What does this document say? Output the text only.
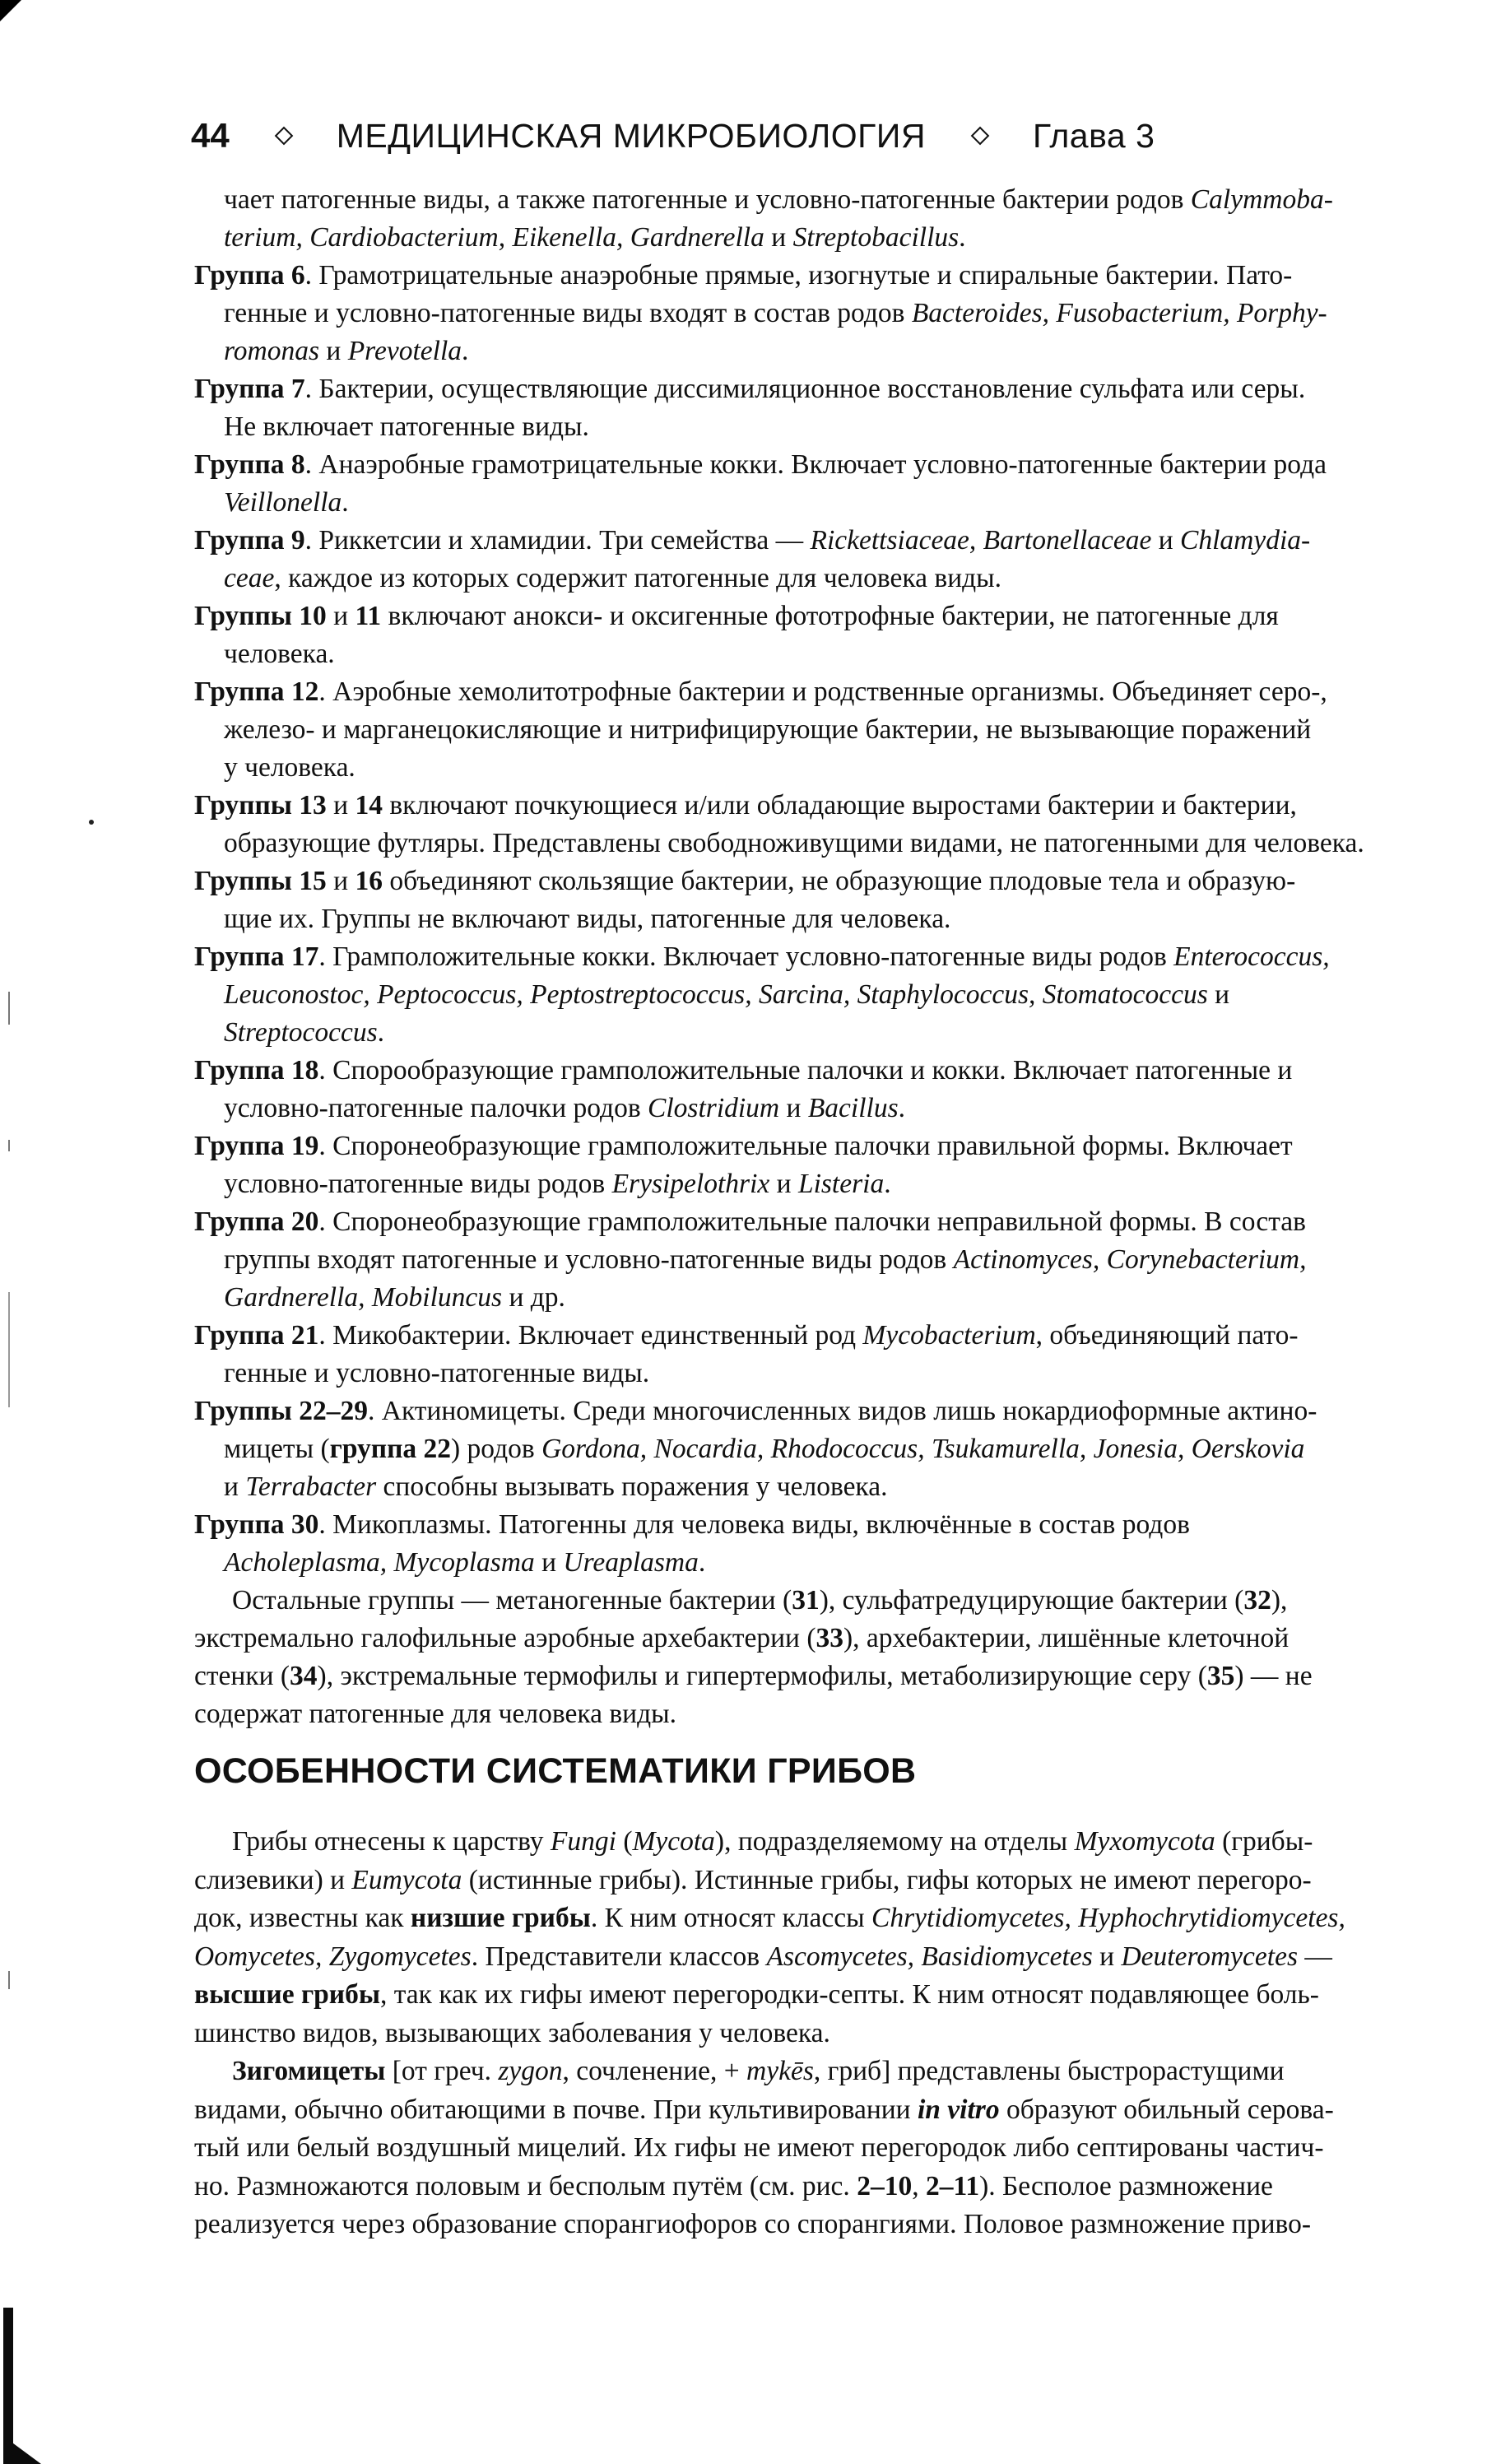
44	МЕДИЦИНСКАЯ МИКРОБИОЛОГИЯ	Глава 3

чает патогенные виды, а также патогенные и условно-патогенные бактерии родов Calymmoba-

terium, Cardiobacterium, Eikenella, Gardnerella и Streptobacillus.

Группа 6. Грамотрицательные анаэробные прямые, изогнутые и спиральные бактерии. Пато-

генные и условно-патогенные виды входят в состав родов Bacteroides, Fusobacterium, Porphy-

romonas и Prevotella.

Группа 7. Бактерии, осуществляющие диссимиляционное восстановление сульфата или серы.

Не включает патогенные виды.

Группа 8. Анаэробные грамотрицательные кокки. Включает условно-патогенные бактерии рода

Veillonella.

Группа 9. Риккетсии и хламидии. Три семейства — Rickettsiaceae, Bartonellaceae и Chlamydia-

ceae, каждое из которых содержит патогенные для человека виды.

Группы 10 и 11 включают анокси- и оксигенные фототрофные бактерии, не патогенные для

человека.

Группа 12. Аэробные хемолитотрофные бактерии и родственные организмы. Объединяет серо-,

железо- и марганецокисляющие и нитрифицирующие бактерии, не вызывающие поражений

у человека.

Группы 13 и 14 включают почкующиеся и/или обладающие выростами бактерии и бактерии,

образующие футляры. Представлены свободноживущими видами, не патогенными для человека.

Группы 15 и 16 объединяют скользящие бактерии, не образующие плодовые тела и образую-

щие их. Группы не включают виды, патогенные для человека.

Группа 17. Грамположительные кокки. Включает условно-патогенные виды родов Enterococcus,

Leuconostoc, Peptococcus, Peptostreptococcus, Sarcina, Staphylococcus, Stomatococcus и

Streptococcus.

Группа 18. Спорообразующие грамположительные палочки и кокки. Включает патогенные и

условно-патогенные палочки родов Clostridium и Bacillus.

Группа 19. Споронеобразующие грамположительные палочки правильной формы. Включает

условно-патогенные виды родов Erysipelothrix и Listeria.

Группа 20. Споронеобразующие грамположительные палочки неправильной формы. В состав

группы входят патогенные и условно-патогенные виды родов Actinomyces, Corynebacterium,

Gardnerella, Mobiluncus и др.

Группа 21. Микобактерии. Включает единственный род Mycobacterium, объединяющий пато-

генные и условно-патогенные виды.

Группы 22–29. Актиномицеты. Среди многочисленных видов лишь нокардиоформные актино-

мицеты (группа 22) родов Gordona, Nocardia, Rhodococcus, Tsukamurella, Jonesia, Oerskovia

и Terrabacter способны вызывать поражения у человека.

Группа 30. Микоплазмы. Патогенны для человека виды, включённые в состав родов

Acholeplasma, Mycoplasma и Ureaplasma.

Остальные группы — метаногенные бактерии (31), сульфатредуцирующие бактерии (32),

экстремально галофильные аэробные архебактерии (33), архебактерии, лишённые клеточной

стенки (34), экстремальные термофилы и гипертермофилы, метаболизирующие серу (35) — не

содержат патогенные для человека виды.

ОСОБЕННОСТИ СИСТЕМАТИКИ ГРИБОВ

Грибы отнесены к царству Fungi (Mycota), подразделяемому на отделы Myxomycota (грибы-

слизевики) и Eumycota (истинные грибы). Истинные грибы, гифы которых не имеют перегоро-

док, известны как низшие грибы. К ним относят классы Chrytidiomycetes, Hyphochrytidiomycetes,

Oomycetes, Zygomycetes. Представители классов Ascomycetes, Basidiomycetes и Deuteromycetes —

высшие грибы, так как их гифы имеют перегородки-септы. К ним относят подавляющее боль-

шинство видов, вызывающих заболевания у человека.

Зигомицеты [от греч. zygon, сочленение, + mykēs, гриб] представлены быстрорастущими

видами, обычно обитающими в почве. При культивировании in vitro образуют обильный серова-

тый или белый воздушный мицелий. Их гифы не имеют перегородок либо септированы частич-

но. Размножаются половым и бесполым путём (см. рис. 2–10, 2–11). Бесполое размножение

реализуется через образование спорангиофоров со спорангиями. Половое размножение приво-
